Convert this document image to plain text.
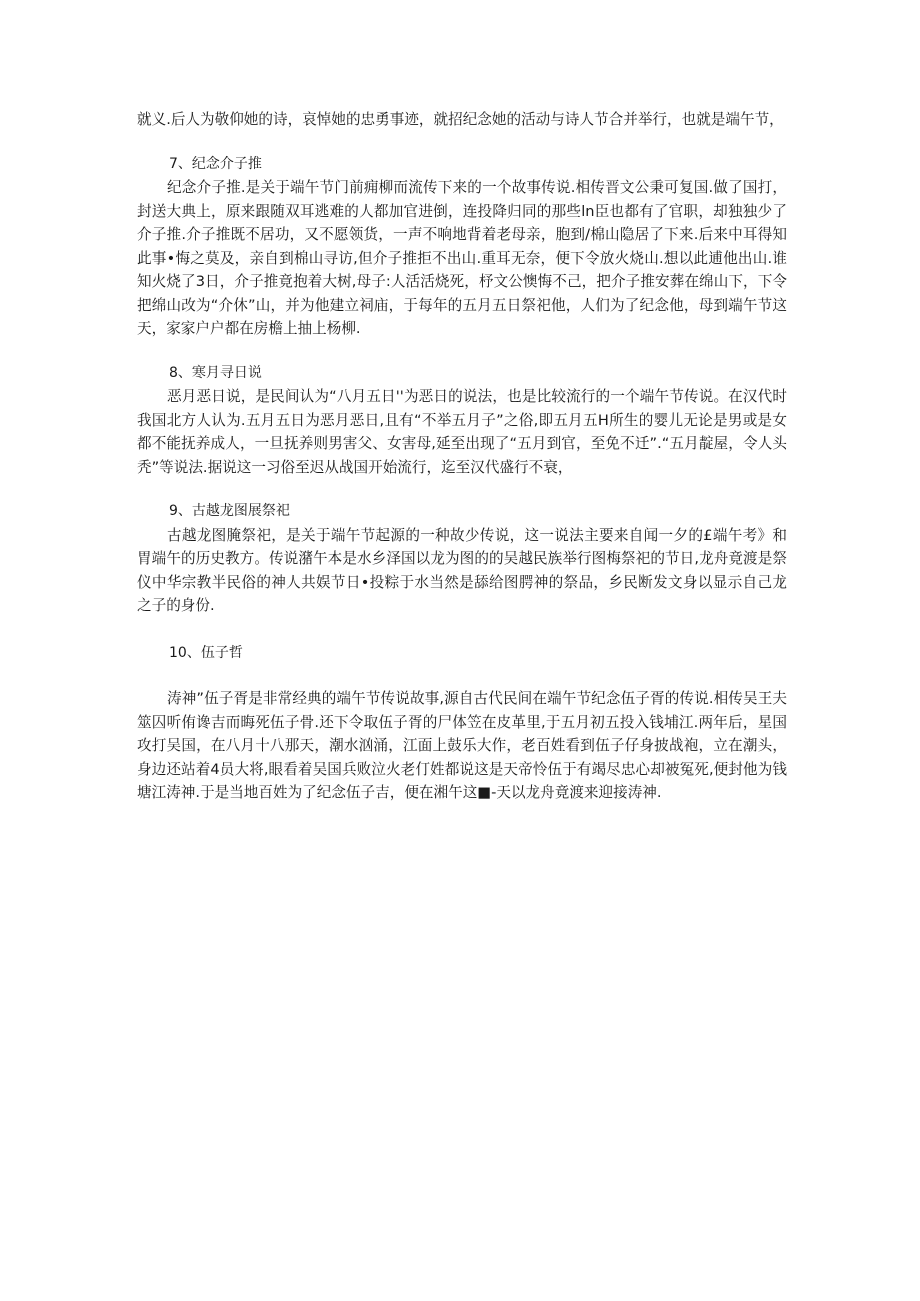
就义.后人为敬仰她的诗，哀悼她的忠勇事迹，就招纪念她的活动与诗人节合并举行，也就是端午节，

7、纪念介子推

纪念介子推.是关于端午节门前痈柳而流传下来的一个故事传说.相传晋文公秉可复国.做了国打，封送大典上，原来跟随双耳逃难的人都加官进倒，连投降归同的那些ln臣也都有了官职，却独独少了介子推.介子推既不居功，又不愿领货，一声不响地背着老母亲，胞到/棉山隐居了下来.后来中耳得知此事•悔之莫及，亲自到棉山寻访,但介子推拒不出山.重耳无奈，便下令放火烧山.想以此逋他出山.谁知火烧了3日，介子推竟抱着大树,母子:人活活烧死，杼文公懊悔不己，把介子推安葬在绵山下，下令把绵山改为“介休”山，并为他建立祠庙，于每年的五月五日祭祀他，人们为了纪念他，母到端午节这天，家家户户都在房檐上抽上杨柳.

8、寒月寻日说

恶月恶日说，是民间认为“八月五日''为恶日的说法，也是比较流行的一个端午节传说。在汉代时我国北方人认为.五月五日为恶月恶日,且有“不举五月子”之俗,即五月五H所生的婴儿无论是男或是女都不能抚养成人，一旦抚养则男害父、女害母,延至出现了“五月到官，至免不迁”.“五月靛屋，令人头秃”等说法.据说这一习俗至迟从战国开始流行，迄至汉代盛行不衰，

9、古越龙图展祭祀

古越龙图腌祭祀，是关于端午节起源的一种故少传说，这一说法主要来自闻一夕的£端午考》和胃端午的历史教方。传说潴午本是水乡泽国以龙为图的的吴越民族举行图梅祭祀的节日,龙舟竟渡是祭仪中华宗教半民俗的神人共娱节日•投粽于水当然是舔给图腭神的祭品，乡民断发文身以显示自己龙之子的身份.

10、伍子哲

涛神”伍子胥是非常经典的端午节传说故事,源自古代民间在端午节纪念伍子胥的传说.相传吴王夫筮囚听侑谗吉而晦死伍子骨.还下令取伍子胥的尸体笠在皮革里,于五月初五投入钱埔江.两年后，星国攻打吴国，在八月十八那天，潮水汹涌，江面上鼓乐大作，老百姓看到伍子仔身披战袍，立在潮头，身边还站着4员大将,眼看着吴国兵败泣火老仃姓都说这是天帝怜伍于有竭尽忠心却被冤死,便封他为钱塘江涛神.于是当地百姓为了纪念伍子吉，便在湘午这■-天以龙舟竟渡来迎接涛神.
